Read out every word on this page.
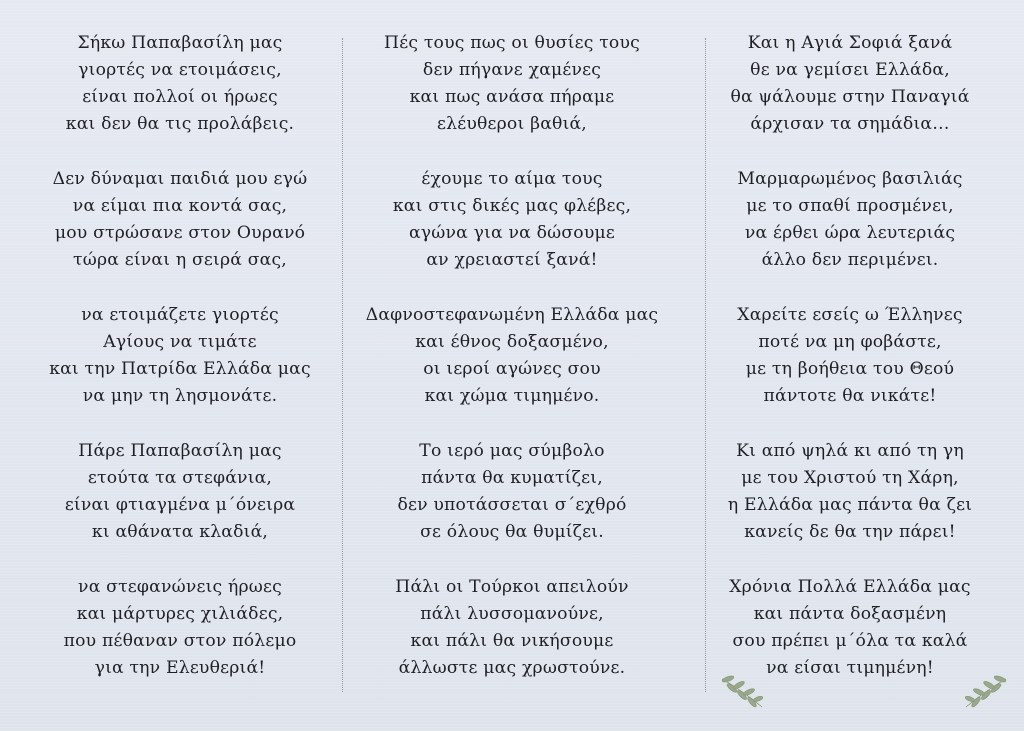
Σήκω Παπαβασίλη μας
γιορτές να ετοιμάσεις,
είναι πολλοί οι ήρωες
και δεν θα τις προλάβεις.
Δεν δύναμαι παιδιά μου εγώ
να είμαι πια κοντά σας,
μου στρώσανε στον Ουρανό
τώρα είναι η σειρά σας,
να ετοιμάζετε γιορτές
Αγίους να τιμάτε
και την Πατρίδα Ελλάδα μας
να μην τη λησμονάτε.
Πάρε Παπαβασίλη μας
ετούτα τα στεφάνια,
είναι φτιαγμένα μ΄όνειρα
κι αθάνατα κλαδιά,
να στεφανώνεις ήρωες
και μάρτυρες χιλιάδες,
που πέθαναν στον πόλεμο
για την Ελευθεριά!
Πές τους πως οι θυσίες τους
δεν πήγανε χαμένες
και πως ανάσα πήραμε
ελέυθεροι βαθιά,
έχουμε το αίμα τους
και στις δικές μας φλέβες,
αγώνα για να δώσουμε
αν χρειαστεί ξανά!
Δαφνοστεφανωμένη Ελλάδα μας
και έθνος δοξασμένο,
οι ιεροί αγώνες σου
και χώμα τιμημένο.
Το ιερό μας σύμβολο
πάντα θα κυματίζει,
δεν υποτάσσεται σ΄εχθρό
σε όλους θα θυμίζει.
Πάλι οι Τούρκοι απειλούν
πάλι λυσσομανούνε,
και πάλι θα νικήσουμε
άλλωστε μας χρωστούνε.
Και η Αγιά Σοφιά ξανά
θε να γεμίσει Ελλάδα,
θα ψάλουμε στην Παναγιά
άρχισαν τα σημάδια…
Μαρμαρωμένος βασιλιάς
με το σπαθί προσμένει,
να έρθει ώρα λευτεριάς
άλλο δεν περιμένει.
Χαρείτε εσείς ω Έλληνες
ποτέ να μη φοβάστε,
με τη βοήθεια του Θεού
πάντοτε θα νικάτε!
Κι από ψηλά κι από τη γη
με του Χριστού τη Χάρη,
η Ελλάδα μας πάντα θα ζει
κανείς δε θα την πάρει!
Χρόνια Πολλά Ελλάδα μας
και πάντα δοξασμένη
σου πρέπει μ΄όλα τα καλά
να είσαι τιμημένη!
